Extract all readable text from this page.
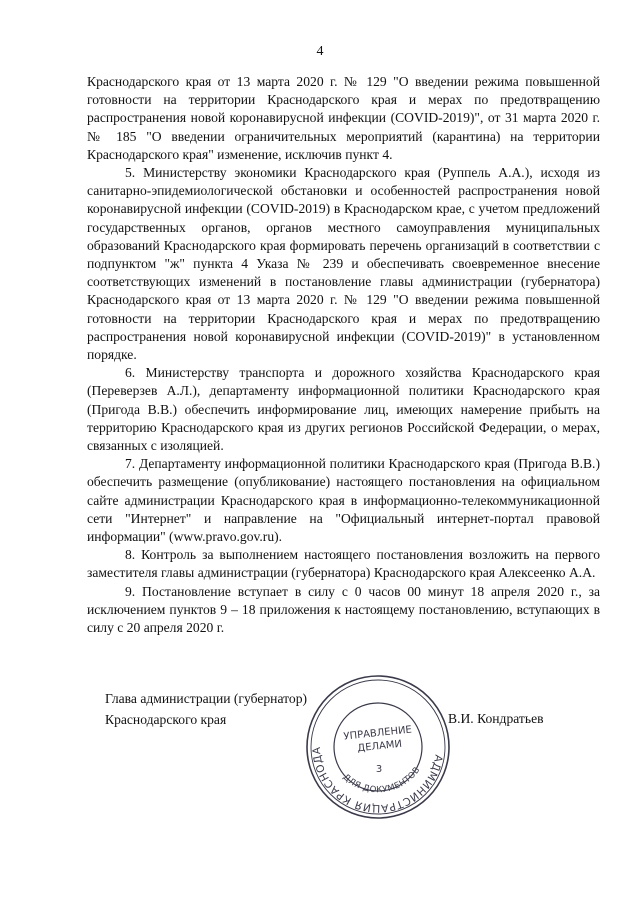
4

Краснодарского края от 13 марта 2020 г. № 129 "О введении режима повышенной готовности на территории Краснодарского края и мерах по предотвращению распространения новой коронавирусной инфекции (COVID-2019)", от 31 марта 2020 г. № 185 "О введении ограничительных мероприятий (карантина) на территории Краснодарского края" изменение, исключив пункт 4.

5. Министерству экономики Краснодарского края (Руппель А.А.), исходя из санитарно-эпидемиологической обстановки и особенностей распространения новой коронавирусной инфекции (COVID-2019) в Краснодарском крае, с учетом предложений государственных органов, органов местного самоуправления муниципальных образований Краснодарского края формировать перечень организаций в соответствии с подпунктом "ж" пункта 4 Указа № 239 и обеспечивать своевременное внесение соответствующих изменений в постановление главы администрации (губернатора) Краснодарского края от 13 марта 2020 г. № 129 "О введении режима повышенной готовности на территории Краснодарского края и мерах по предотвращению распространения новой коронавирусной инфекции (COVID-2019)" в установленном порядке.

6. Министерству транспорта и дорожного хозяйства Краснодарского края (Переверзев А.Л.), департаменту информационной политики Краснодарского края (Пригода В.В.) обеспечить информирование лиц, имеющих намерение прибыть на территорию Краснодарского края из других регионов Российской Федерации, о мерах, связанных с изоляцией.

7. Департаменту информационной политики Краснодарского края (Пригода В.В.) обеспечить размещение (опубликование) настоящего постановления на официальном сайте администрации Краснодарского края в информационно-телекоммуникационной сети "Интернет" и направление на "Официальный интернет-портал правовой информации" (www.pravo.gov.ru).

8. Контроль за выполнением настоящего постановления возложить на первого заместителя главы администрации (губернатора) Краснодарского края Алексеенко А.А.

9. Постановление вступает в силу с 0 часов 00 минут 18 апреля 2020 г., за исключением пунктов 9 – 18 приложения к настоящему постановлению, вступающих в силу с 20 апреля 2020 г.

Глава администрации (губернатор)
Краснодарского края
АДМИНИСТРАЦИЯ КРАСНОДА
ДЛЯ ДОКУМЕНТОВ
УПРАВЛЕНИЕ
ДЕЛАМИ
3
В.И. Кондратьев
